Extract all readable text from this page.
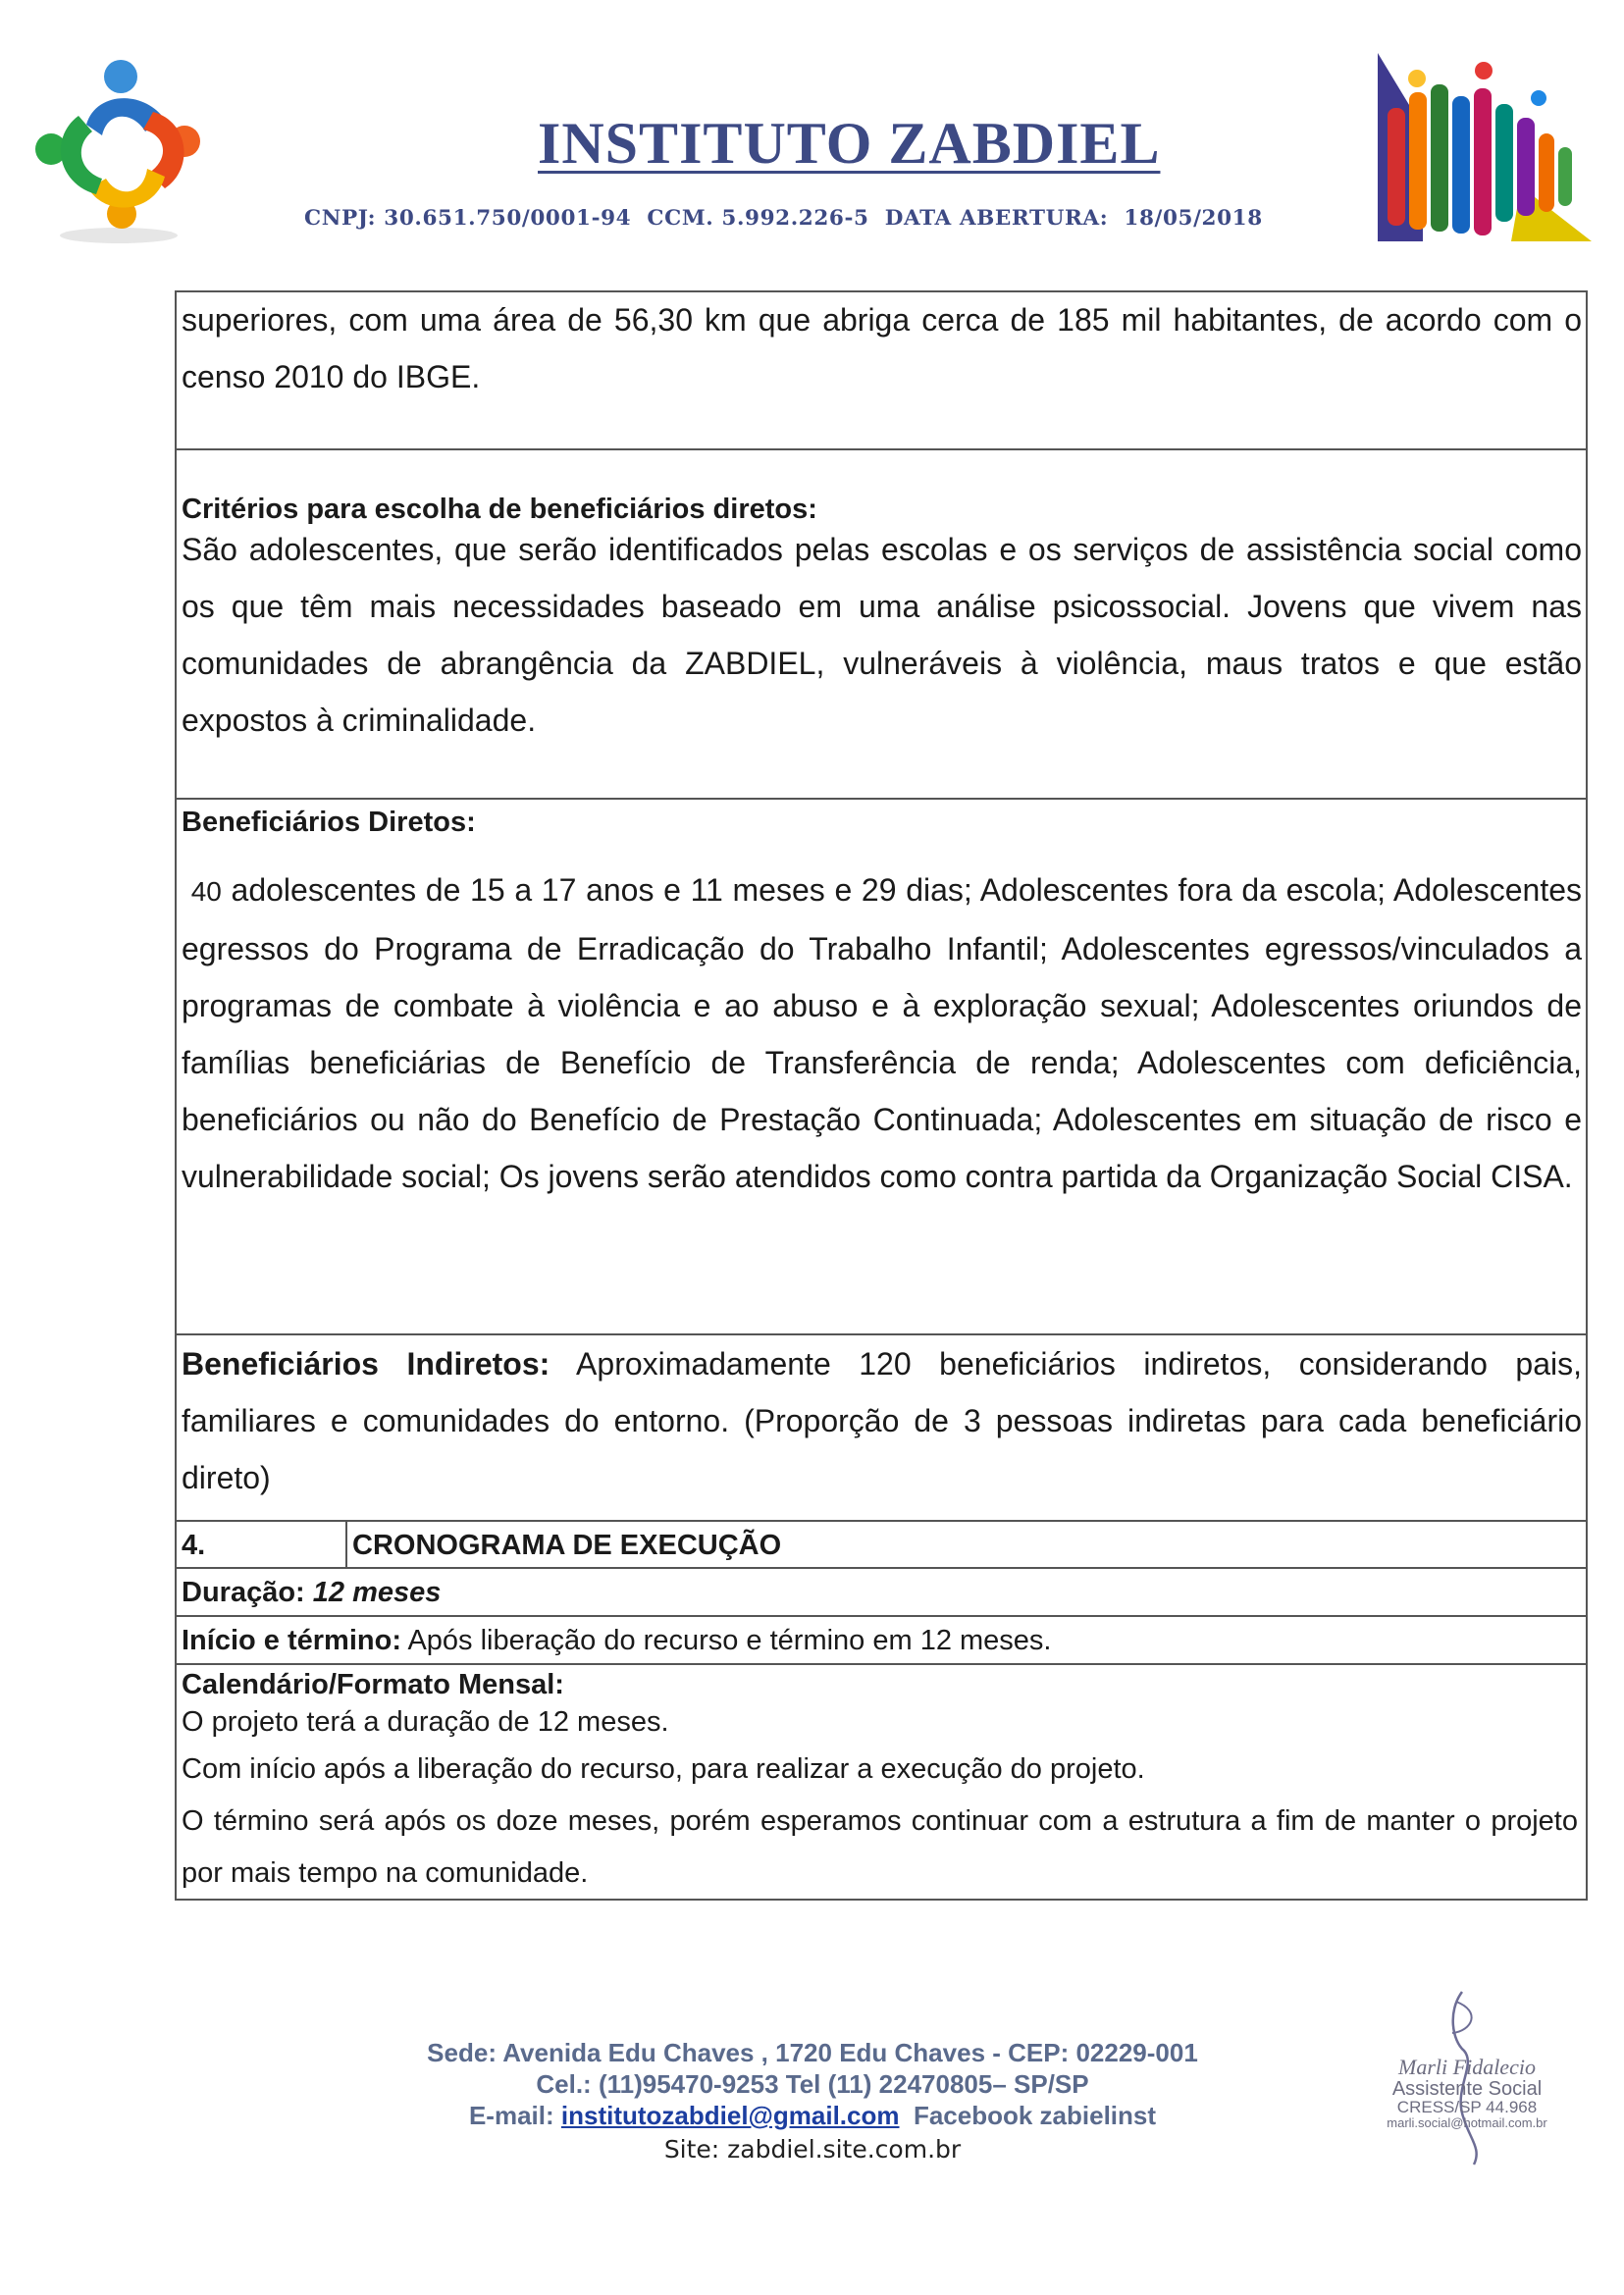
INSTITUTO ZABDIEL
CNPJ: 30.651.750/0001-94  CCM. 5.992.226-5  DATA ABERTURA:  18/05/2018

superiores, com uma área de 56,30 km que abriga cerca de 185 mil habitantes, de acordo com o censo 2010 do IBGE.

Critérios para escolha de beneficiários diretos:

São adolescentes, que serão identificados pelas escolas e os serviços de assistência social como os que têm mais necessidades baseado em uma análise psicossocial. Jovens que vivem nas comunidades de abrangência da ZABDIEL, vulneráveis à violência, maus tratos e que estão expostos à criminalidade.

Beneficiários Diretos:

40 adolescentes de 15 a 17 anos e 11 meses e 29 dias; Adolescentes fora da escola; Adolescentes egressos do Programa de Erradicação do Trabalho Infantil; Adolescentes egressos/vinculados a programas de combate à violência e ao abuso e à exploração sexual; Adolescentes oriundos de famílias beneficiárias de Benefício de Transferência de renda; Adolescentes com deficiência, beneficiários ou não do Benefício de Prestação Continuada; Adolescentes em situação de risco e vulnerabilidade social; Os jovens serão atendidos como contra partida da Organização Social CISA.

Beneficiários Indiretos: Aproximadamente 120 beneficiários indiretos, considerando pais, familiares e comunidades do entorno. (Proporção de 3 pessoas indiretas para cada beneficiário direto)

4.	CRONOGRAMA DE EXECUÇÃO
Duração: 12 meses
Início e término: Após liberação do recurso e término em 12 meses.
Calendário/Formato Mensal:

O projeto terá a duração de 12 meses.

Com início após a liberação do recurso, para realizar a execução do projeto.

O término será após os doze meses, porém esperamos continuar com a estrutura a fim de manter o projeto por mais tempo na comunidade.

Sede: Avenida Edu Chaves , 1720 Edu Chaves - CEP: 02229-001
Cel.: (11)95470-9253 Tel (11) 22470805– SP/SP
E-mail: institutozabdiel@gmail.com Facebook zabielinst
Site: zabdiel.site.com.br
Marli Fidalecio
Assistente Social
CRESS/SP 44.968
marli.social@hotmail.com.br
